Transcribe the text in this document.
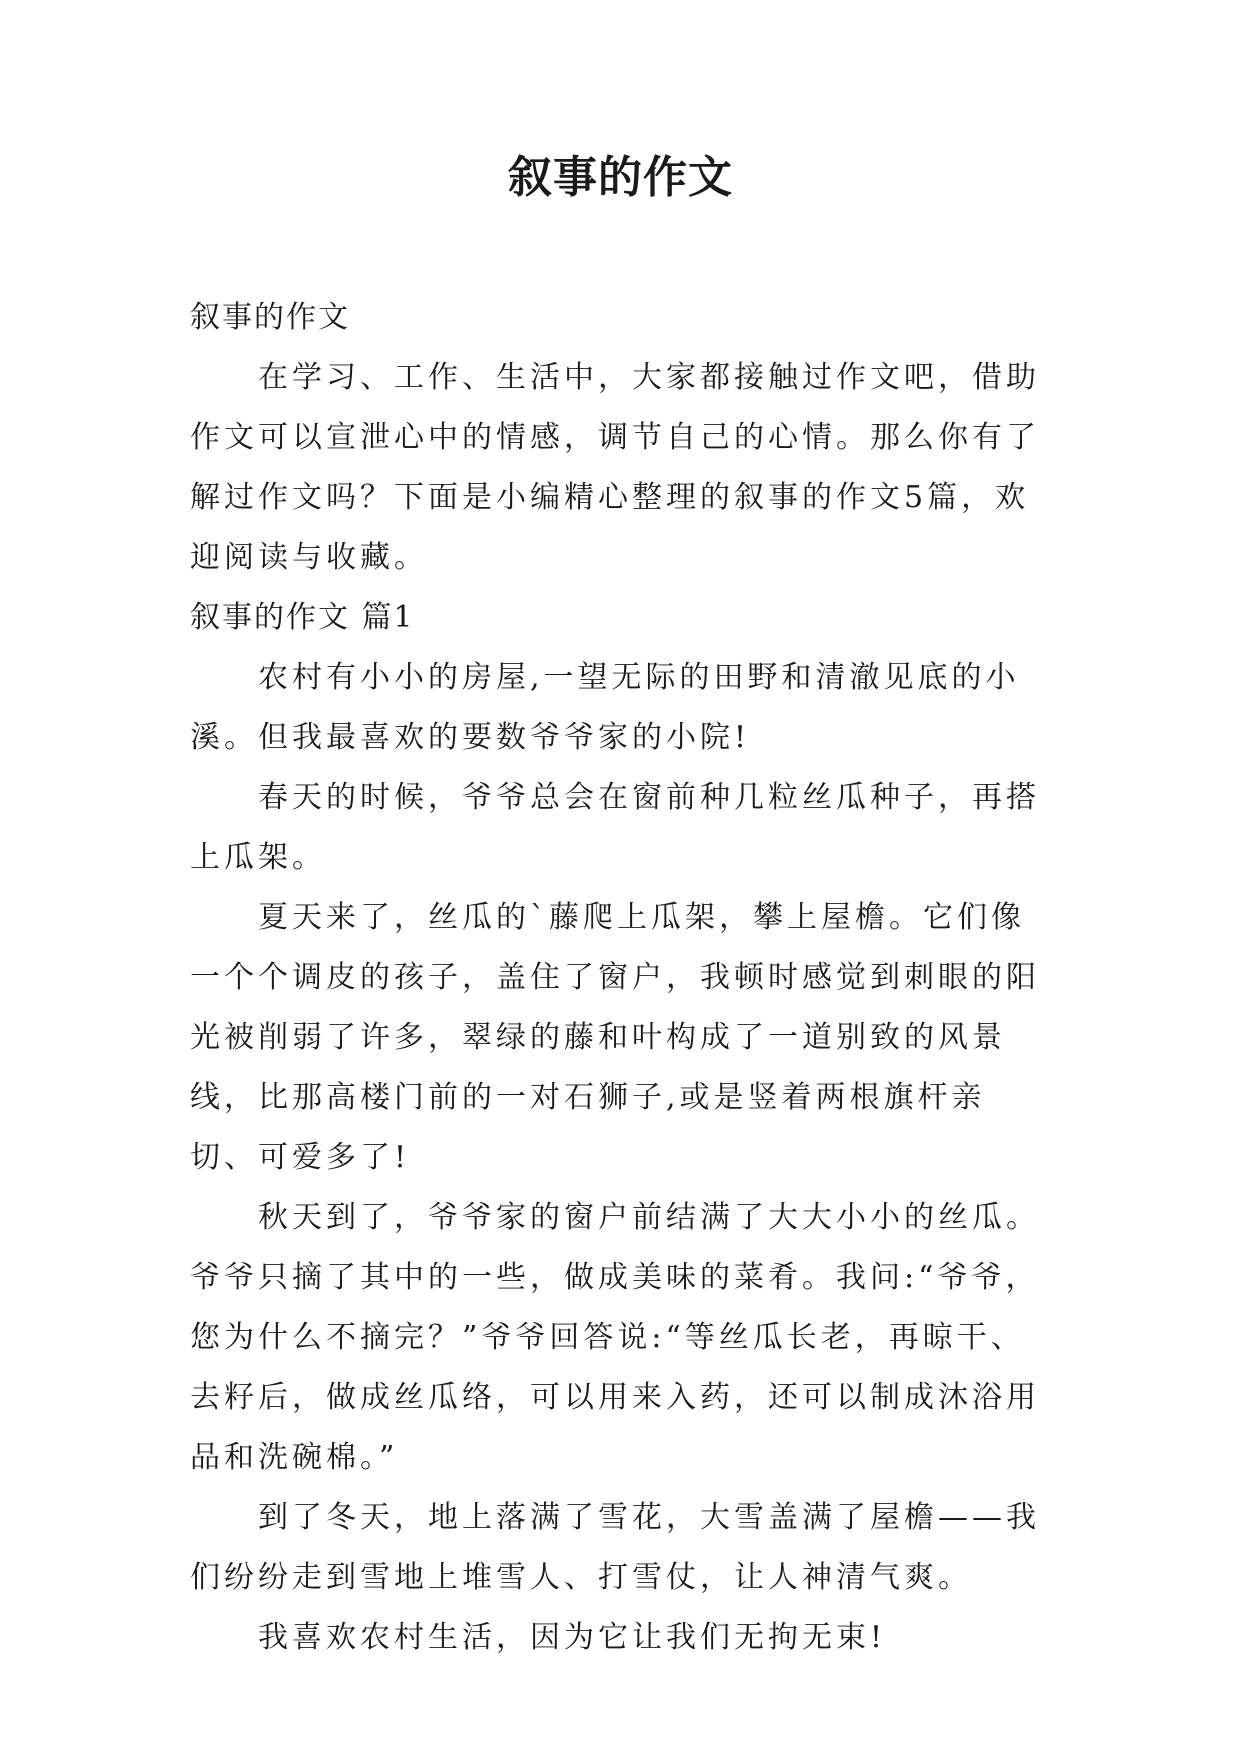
叙事的作文

叙事的作文

在学习、工作、生活中，大家都接触过作文吧，借助作文可以宣泄心中的情感，调节自己的心情。那么你有了解过作文吗？下面是小编精心整理的叙事的作文5篇，欢迎阅读与收藏。

叙事的作文 篇1

农村有小小的房屋,一望无际的田野和清澈见底的小溪。但我最喜欢的要数爷爷家的小院!

春天的时候，爷爷总会在窗前种几粒丝瓜种子，再搭上瓜架。

夏天来了，丝瓜的`藤爬上瓜架，攀上屋檐。它们像一个个调皮的孩子，盖住了窗户，我顿时感觉到刺眼的阳光被削弱了许多，翠绿的藤和叶构成了一道别致的风景线，比那高楼门前的一对石狮子,或是竖着两根旗杆亲切、可爱多了!

秋天到了，爷爷家的窗户前结满了大大小小的丝瓜。爷爷只摘了其中的一些，做成美味的菜肴。我问:“爷爷，您为什么不摘完？”爷爷回答说:“等丝瓜长老，再晾干、去籽后，做成丝瓜络，可以用来入药，还可以制成沐浴用品和洗碗棉。”

到了冬天，地上落满了雪花，大雪盖满了屋檐——我们纷纷走到雪地上堆雪人、打雪仗，让人神清气爽。

我喜欢农村生活，因为它让我们无拘无束!
